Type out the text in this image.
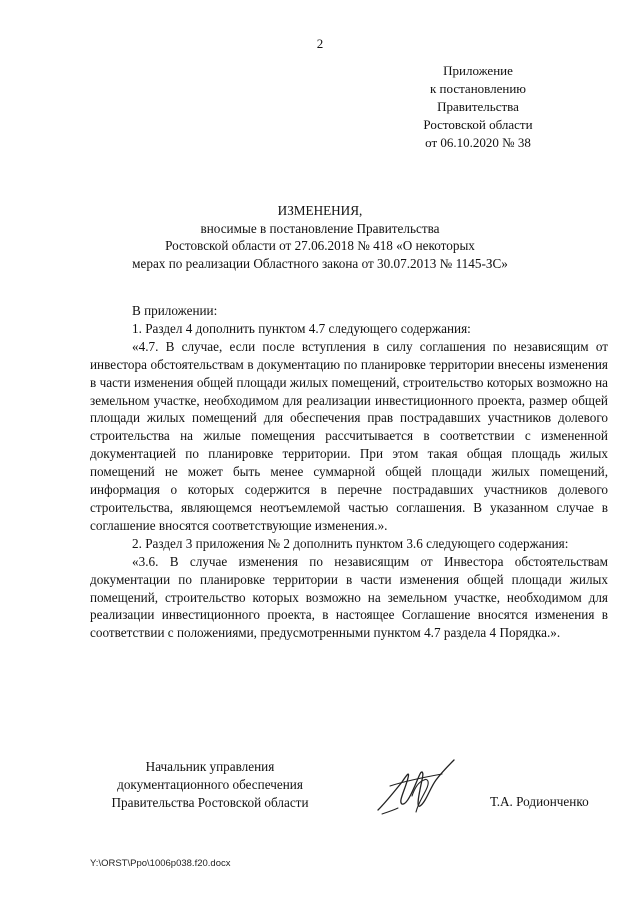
2
Приложение
к постановлению
Правительства
Ростовской области
от 06.10.2020 № 38
ИЗМЕНЕНИЯ,
вносимые в постановление Правительства
Ростовской области от 27.06.2018 № 418 «О некоторых
мерах по реализации Областного закона от 30.07.2013 № 1145-ЗС»

В приложении:

1. Раздел 4 дополнить пунктом 4.7 следующего содержания:

«4.7. В случае, если после вступления в силу соглашения по независящим от инвестора обстоятельствам в документацию по планировке территории внесены изменения в части изменения общей площади жилых помещений, строительство которых возможно на земельном участке, необходимом для реализации инвестиционного проекта, размер общей площади жилых помещений для обеспечения прав пострадавших участников долевого строительства на жилые помещения рассчитывается в соответствии с измененной документацией по планировке территории. При этом такая общая площадь жилых помещений не может быть менее суммарной общей площади жилых помещений, информация о которых содержится в перечне пострадавших участников долевого строительства, являющемся неотъемлемой частью соглашения. В указанном случае в соглашение вносятся соответствующие изменения.».

2. Раздел 3 приложения № 2 дополнить пунктом 3.6 следующего содержания:

«3.6. В случае изменения по независящим от Инвестора обстоятельствам документации по планировке территории в части изменения общей площади жилых помещений, строительство которых возможно на земельном участке, необходимом для реализации инвестиционного проекта, в настоящее Соглашение вносятся изменения в соответствии с положениями, предусмотренными пунктом 4.7 раздела 4 Порядка.».

Начальник управления
документационного обеспечения
Правительства Ростовской области	Т.А. Родионченко
Y:\ORST\Ppo\1006p038.f20.docx
